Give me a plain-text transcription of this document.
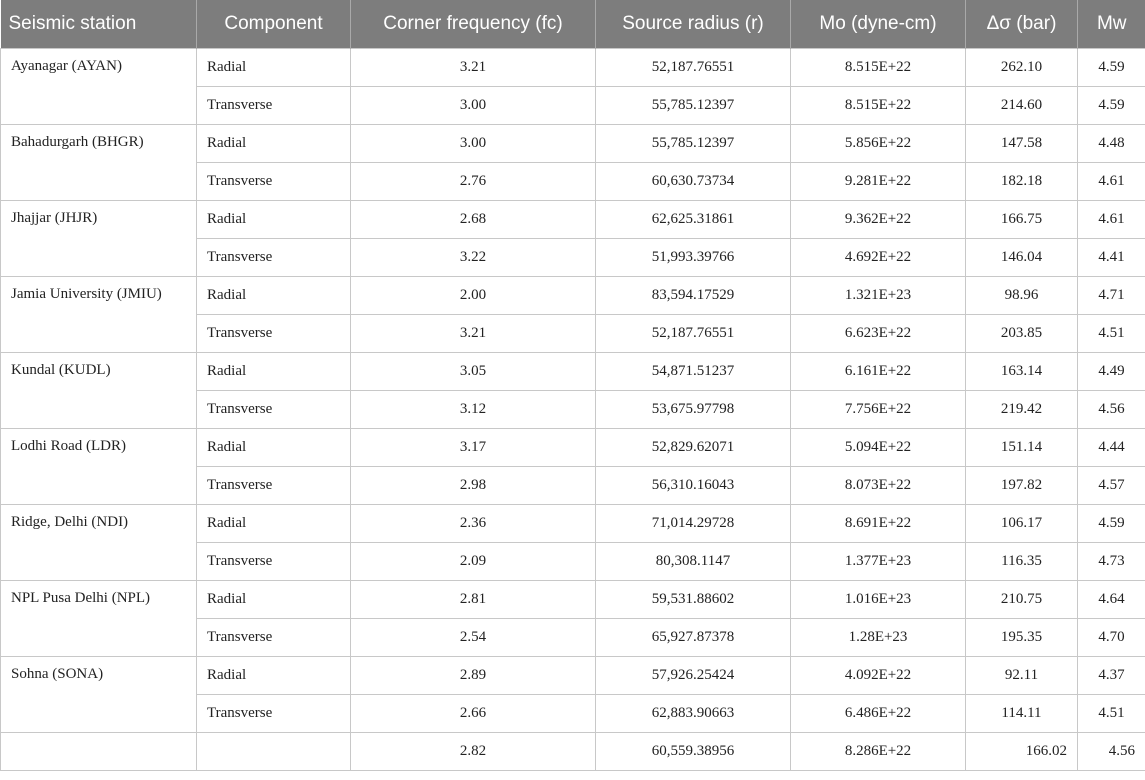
Seismic station	Component	Corner frequency (fc)	Source radius (r)	Mo (dyne-cm)	Δσ (bar)	Mw
Ayanagar (AYAN)	Radial	3.21	52,187.76551	8.515E+22	262.10	4.59
	Transverse	3.00	55,785.12397	8.515E+22	214.60	4.59
Bahadurgarh (BHGR)	Radial	3.00	55,785.12397	5.856E+22	147.58	4.48
	Transverse	2.76	60,630.73734	9.281E+22	182.18	4.61
Jhajjar (JHJR)	Radial	2.68	62,625.31861	9.362E+22	166.75	4.61
	Transverse	3.22	51,993.39766	4.692E+22	146.04	4.41
Jamia University (JMIU)	Radial	2.00	83,594.17529	1.321E+23	98.96	4.71
	Transverse	3.21	52,187.76551	6.623E+22	203.85	4.51
Kundal (KUDL)	Radial	3.05	54,871.51237	6.161E+22	163.14	4.49
	Transverse	3.12	53,675.97798	7.756E+22	219.42	4.56
Lodhi Road (LDR)	Radial	3.17	52,829.62071	5.094E+22	151.14	4.44
	Transverse	2.98	56,310.16043	8.073E+22	197.82	4.57
Ridge, Delhi (NDI)	Radial	2.36	71,014.29728	8.691E+22	106.17	4.59
	Transverse	2.09	80,308.1147	1.377E+23	116.35	4.73
NPL Pusa Delhi (NPL)	Radial	2.81	59,531.88602	1.016E+23	210.75	4.64
	Transverse	2.54	65,927.87378	1.28E+23	195.35	4.70
Sohna (SONA)	Radial	2.89	57,926.25424	4.092E+22	92.11	4.37
	Transverse	2.66	62,883.90663	6.486E+22	114.11	4.51
		2.82	60,559.38956	8.286E+22	166.02	4.56
